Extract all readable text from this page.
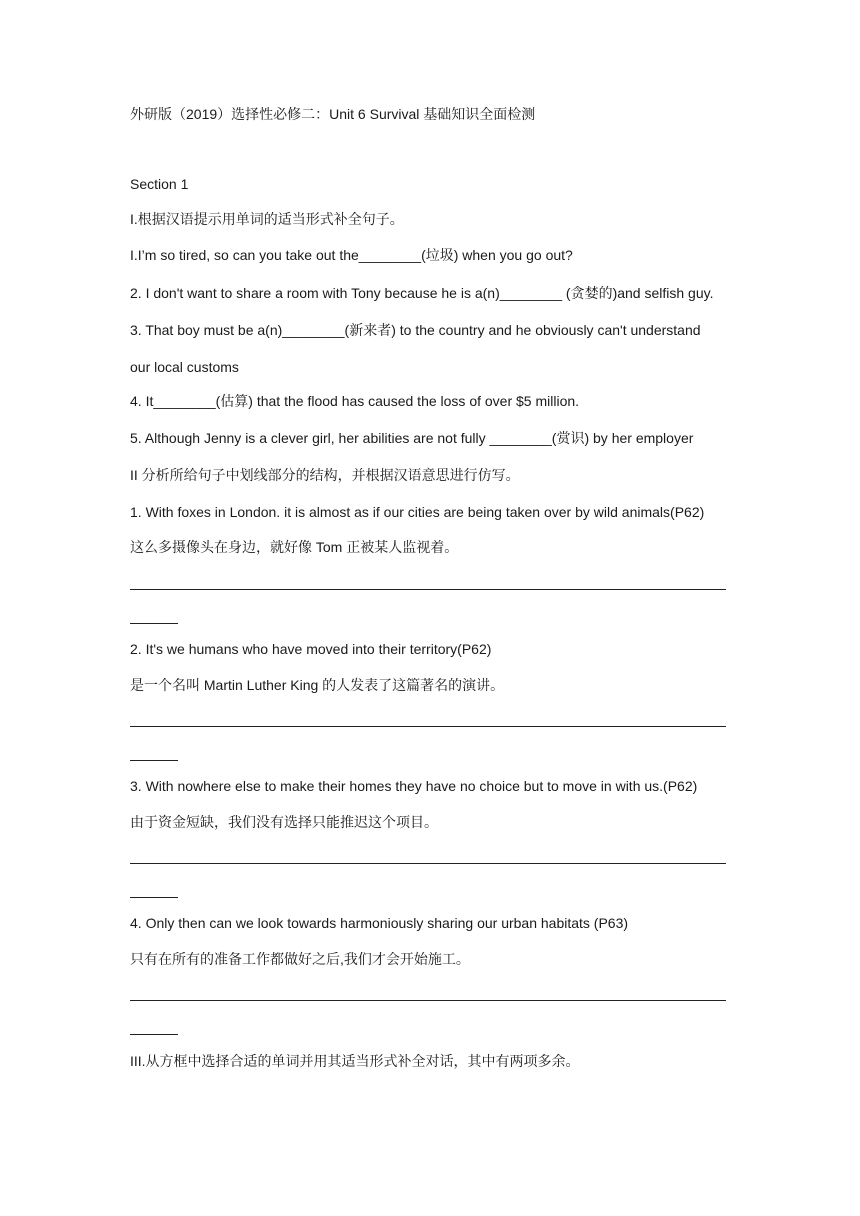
外研版（2019）选择性必修二：Unit 6 Survival 基础知识全面检测
Section 1
I.根据汉语提示用单词的适当形式补全句子。
I.I’m so tired, so can you take out the________(垃圾) when you go out?
2. I don't want to share a room with Tony because he is a(n)________ (贪婪的)and selfish guy.
3. That boy must be a(n)________(新来者) to the country and he obviously can't understand
our local customs
4. It________(估算) that the flood has caused the loss of over $5 million.
5. Although Jenny is a clever girl, her abilities are not fully ________(赏识) by her employer
II 分析所给句子中划线部分的结构，并根据汉语意思进行仿写。
1. With foxes in London. it is almost as if our cities are being taken over by wild animals(P62)
这么多摄像头在身边，就好像 Tom 正被某人监视着。
2. It's we humans who have moved into their territory(P62)
是一个名叫 Martin Luther King 的人发表了这篇著名的演讲。
3. With nowhere else to make their homes they have no choice but to move in with us.(P62)
由于资金短缺，我们没有选择只能推迟这个项目。
4. Only then can we look towards harmoniously sharing our urban habitats (P63)
只有在所有的准备工作都做好之后,我们才会开始施工。
III.从方框中选择合适的单词并用其适当形式补全对话，其中有两项多余。
